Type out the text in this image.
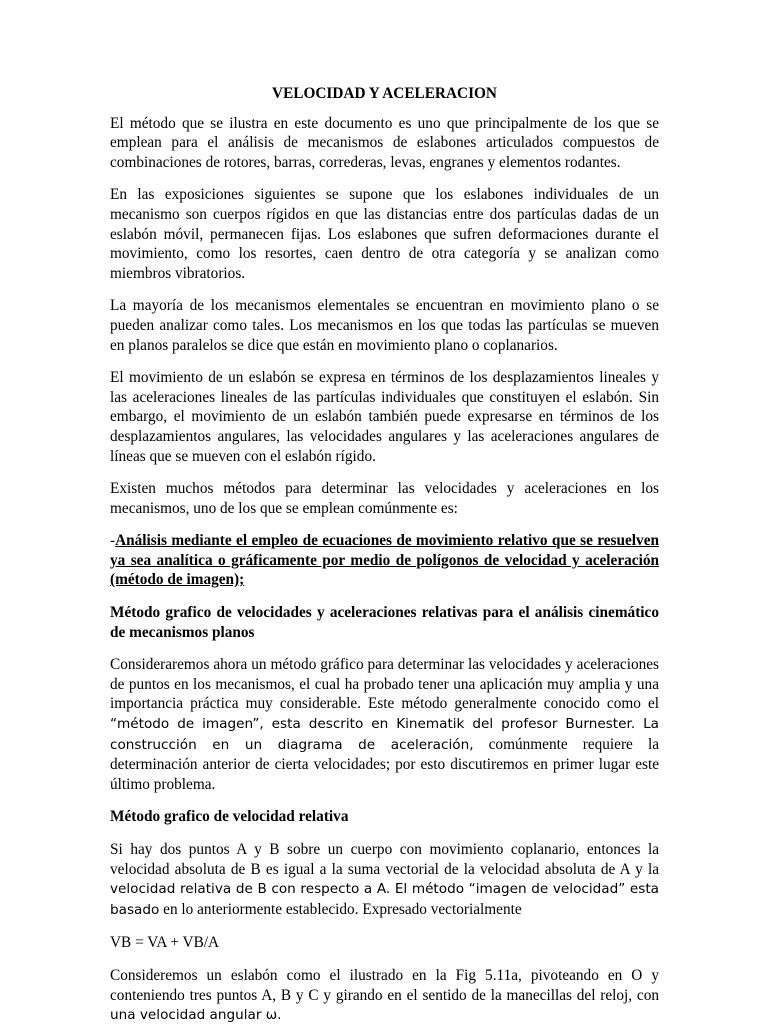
VELOCIDAD Y ACELERACION

El método que se ilustra en este documento es uno que principalmente de los que se emplean para el análisis de mecanismos de eslabones articulados compuestos de combinaciones de rotores, barras, correderas, levas, engranes y elementos rodantes.

En las exposiciones siguientes se supone que los eslabones individuales de un mecanismo son cuerpos rígidos en que las distancias entre dos partículas dadas de un eslabón móvil, permanecen fijas. Los eslabones que sufren deformaciones durante el movimiento, como los resortes, caen dentro de otra categoría y se analizan como miembros vibratorios.

La mayoría de los mecanismos elementales se encuentran en movimiento plano o se pueden analizar como tales. Los mecanismos en los que todas las partículas se mueven en planos paralelos se dice que están en movimiento plano o coplanarios.

El movimiento de un eslabón se expresa en términos de los desplazamientos lineales y las aceleraciones lineales de las partículas individuales que constituyen el eslabón. Sin embargo, el movimiento de un eslabón también puede expresarse en términos de los desplazamientos angulares, las velocidades angulares y las aceleraciones angulares de líneas que se mueven con el eslabón rígido.

Existen muchos métodos para determinar las velocidades y aceleraciones en los mecanismos, uno de los que se emplean comúnmente es:

-Análisis mediante el empleo de ecuaciones de movimiento relativo que se resuelven ya sea analítica o gráficamente por medio de polígonos de velocidad y aceleración (método de imagen);

Método grafico de velocidades y aceleraciones relativas para el análisis cinemático de mecanismos planos

Consideraremos ahora un método gráfico para determinar las velocidades y aceleraciones de puntos en los mecanismos, el cual ha probado tener una aplicación muy amplia y una importancia práctica muy considerable. Este método generalmente conocido como el “método de imagen”, esta descrito en Kinematik del profesor Burnester. La construcción en un diagrama de aceleración, comúnmente requiere la determinación anterior de cierta velocidades; por esto discutiremos en primer lugar este último problema.

Método grafico de velocidad relativa

Si hay dos puntos A y B sobre un cuerpo con movimiento coplanario, entonces la velocidad absoluta de B es igual a la suma vectorial de la velocidad absoluta de A y la velocidad relativa de B con respecto a A. El método “imagen de velocidad” esta basado en lo anteriormente establecido. Expresado vectorialmente

VB = VA + VB/A

Consideremos un eslabón como el ilustrado en la Fig 5.11a, pivoteando en O y conteniendo tres puntos A, B y C y girando en el sentido de la manecillas del reloj, con una velocidad angular ω.
